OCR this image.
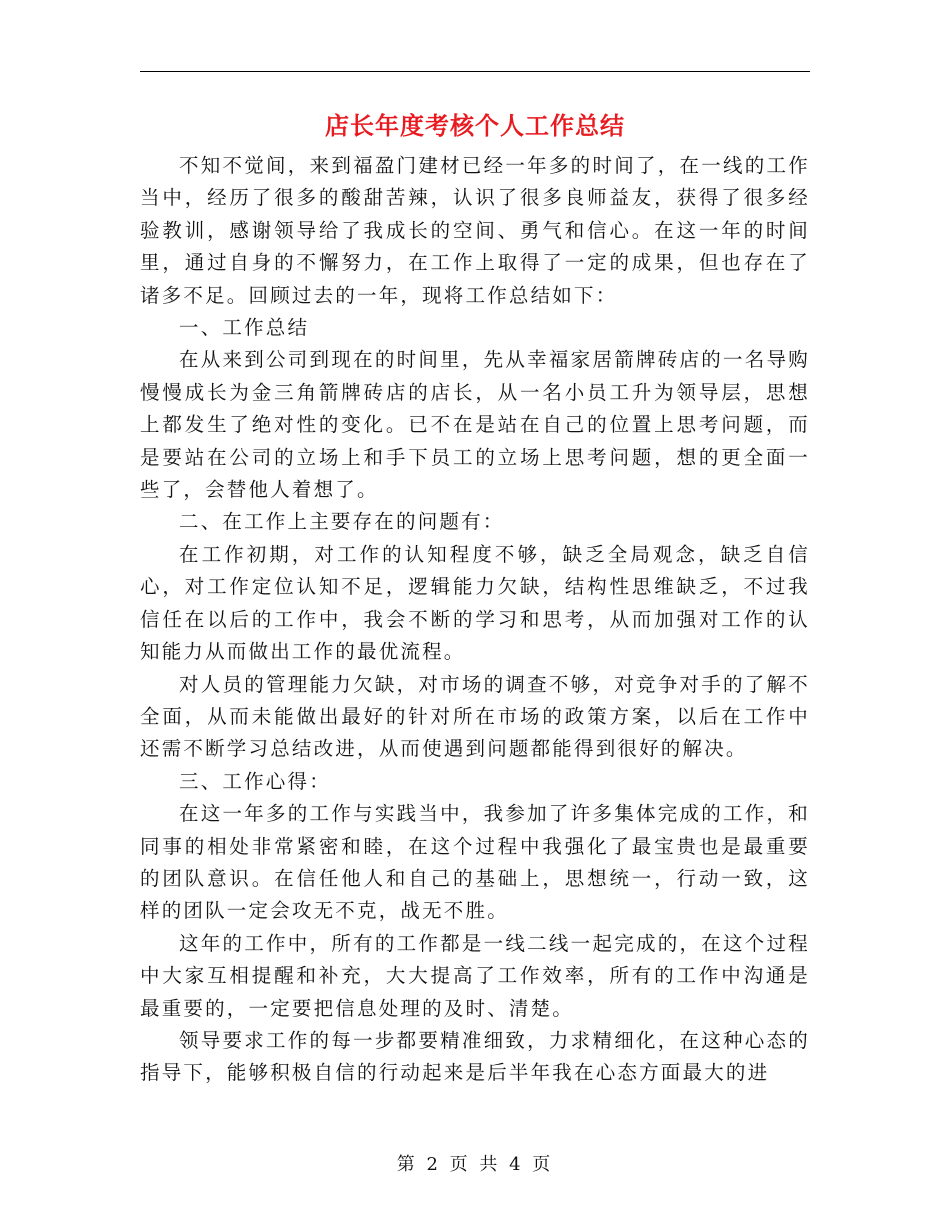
店长年度考核个人工作总结

不知不觉间，来到福盈门建材已经一年多的时间了，在一线的工作当中，经历了很多的酸甜苦辣，认识了很多良师益友，获得了很多经验教训，感谢领导给了我成长的空间、勇气和信心。在这一年的时间里，通过自身的不懈努力，在工作上取得了一定的成果，但也存在了诸多不足。回顾过去的一年，现将工作总结如下：

一、工作总结

在从来到公司到现在的时间里，先从幸福家居箭牌砖店的一名导购慢慢成长为金三角箭牌砖店的店长，从一名小员工升为领导层，思想上都发生了绝对性的变化。已不在是站在自己的位置上思考问题，而是要站在公司的立场上和手下员工的立场上思考问题，想的更全面一些了，会替他人着想了。

二、在工作上主要存在的问题有：

在工作初期，对工作的认知程度不够，缺乏全局观念，缺乏自信心，对工作定位认知不足，逻辑能力欠缺，结构性思维缺乏，不过我信任在以后的工作中，我会不断的学习和思考，从而加强对工作的认知能力从而做出工作的最优流程。

对人员的管理能力欠缺，对市场的调查不够，对竞争对手的了解不全面，从而未能做出最好的针对所在市场的政策方案，以后在工作中还需不断学习总结改进，从而使遇到问题都能得到很好的解决。

三、工作心得：

在这一年多的工作与实践当中，我参加了许多集体完成的工作，和同事的相处非常紧密和睦，在这个过程中我强化了最宝贵也是最重要的团队意识。在信任他人和自己的基础上，思想统一，行动一致，这样的团队一定会攻无不克，战无不胜。

这年的工作中，所有的工作都是一线二线一起完成的，在这个过程中大家互相提醒和补充，大大提高了工作效率，所有的工作中沟通是最重要的，一定要把信息处理的及时、清楚。

领导要求工作的每一步都要精准细致，力求精细化，在这种心态的指导下，能够积极自信的行动起来是后半年我在心态方面最大的进

第 2 页 共 4 页
